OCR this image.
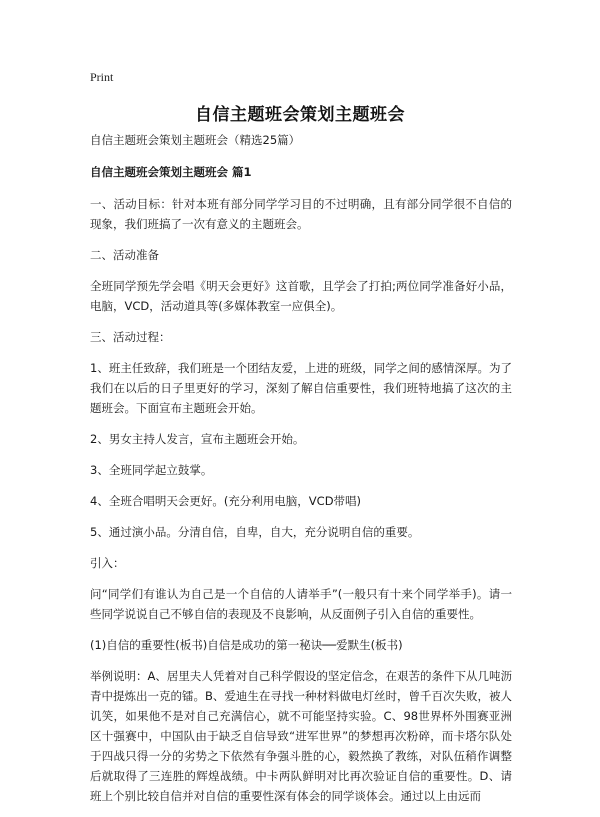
Print
自信主题班会策划主题班会

自信主题班会策划主题班会（精选25篇）

自信主题班会策划主题班会 篇1

一、活动目标：针对本班有部分同学学习目的不过明确，且有部分同学很不自信的现象，我们班搞了一次有意义的主题班会。

二、活动准备

全班同学预先学会唱《明天会更好》这首歌，且学会了打拍;两位同学准备好小品，电脑，VCD，活动道具等(多媒体教室一应俱全)。

三、活动过程：

1、班主任致辞，我们班是一个团结友爱，上进的班级，同学之间的感情深厚。为了我们在以后的日子里更好的学习，深刻了解自信重要性，我们班特地搞了这次的主题班会。下面宣布主题班会开始。

2、男女主持人发言，宣布主题班会开始。

3、全班同学起立鼓掌。

4、全班合唱明天会更好。(充分利用电脑，VCD带唱)

5、通过演小品。分清自信，自卑，自大，充分说明自信的重要。

引入：

问“同学们有谁认为自己是一个自信的人请举手”(一般只有十来个同学举手)。请一些同学说说自己不够自信的表现及不良影响，从反面例子引入自信的重要性。

(1)自信的重要性(板书)自信是成功的第一秘诀──爱默生(板书)

举例说明：A、居里夫人凭着对自己科学假设的坚定信念，在艰苦的条件下从几吨沥青中提炼出一克的镭。B、爱迪生在寻找一种材料做电灯丝时，曾千百次失败，被人讥笑，如果他不是对自己充满信心，就不可能坚持实验。C、98世界杯外围赛亚洲区十强赛中，中国队由于缺乏自信导致“进军世界”的梦想再次粉碎，而卡塔尔队处于四战只得一分的劣势之下依然有争强斗胜的心，毅然换了教练，对队伍稍作调整后就取得了三连胜的辉煌战绩。中卡两队鲜明对比再次验证自信的重要性。D、请班上个别比较自信并对自信的重要性深有体会的同学谈体会。通过以上由远而
